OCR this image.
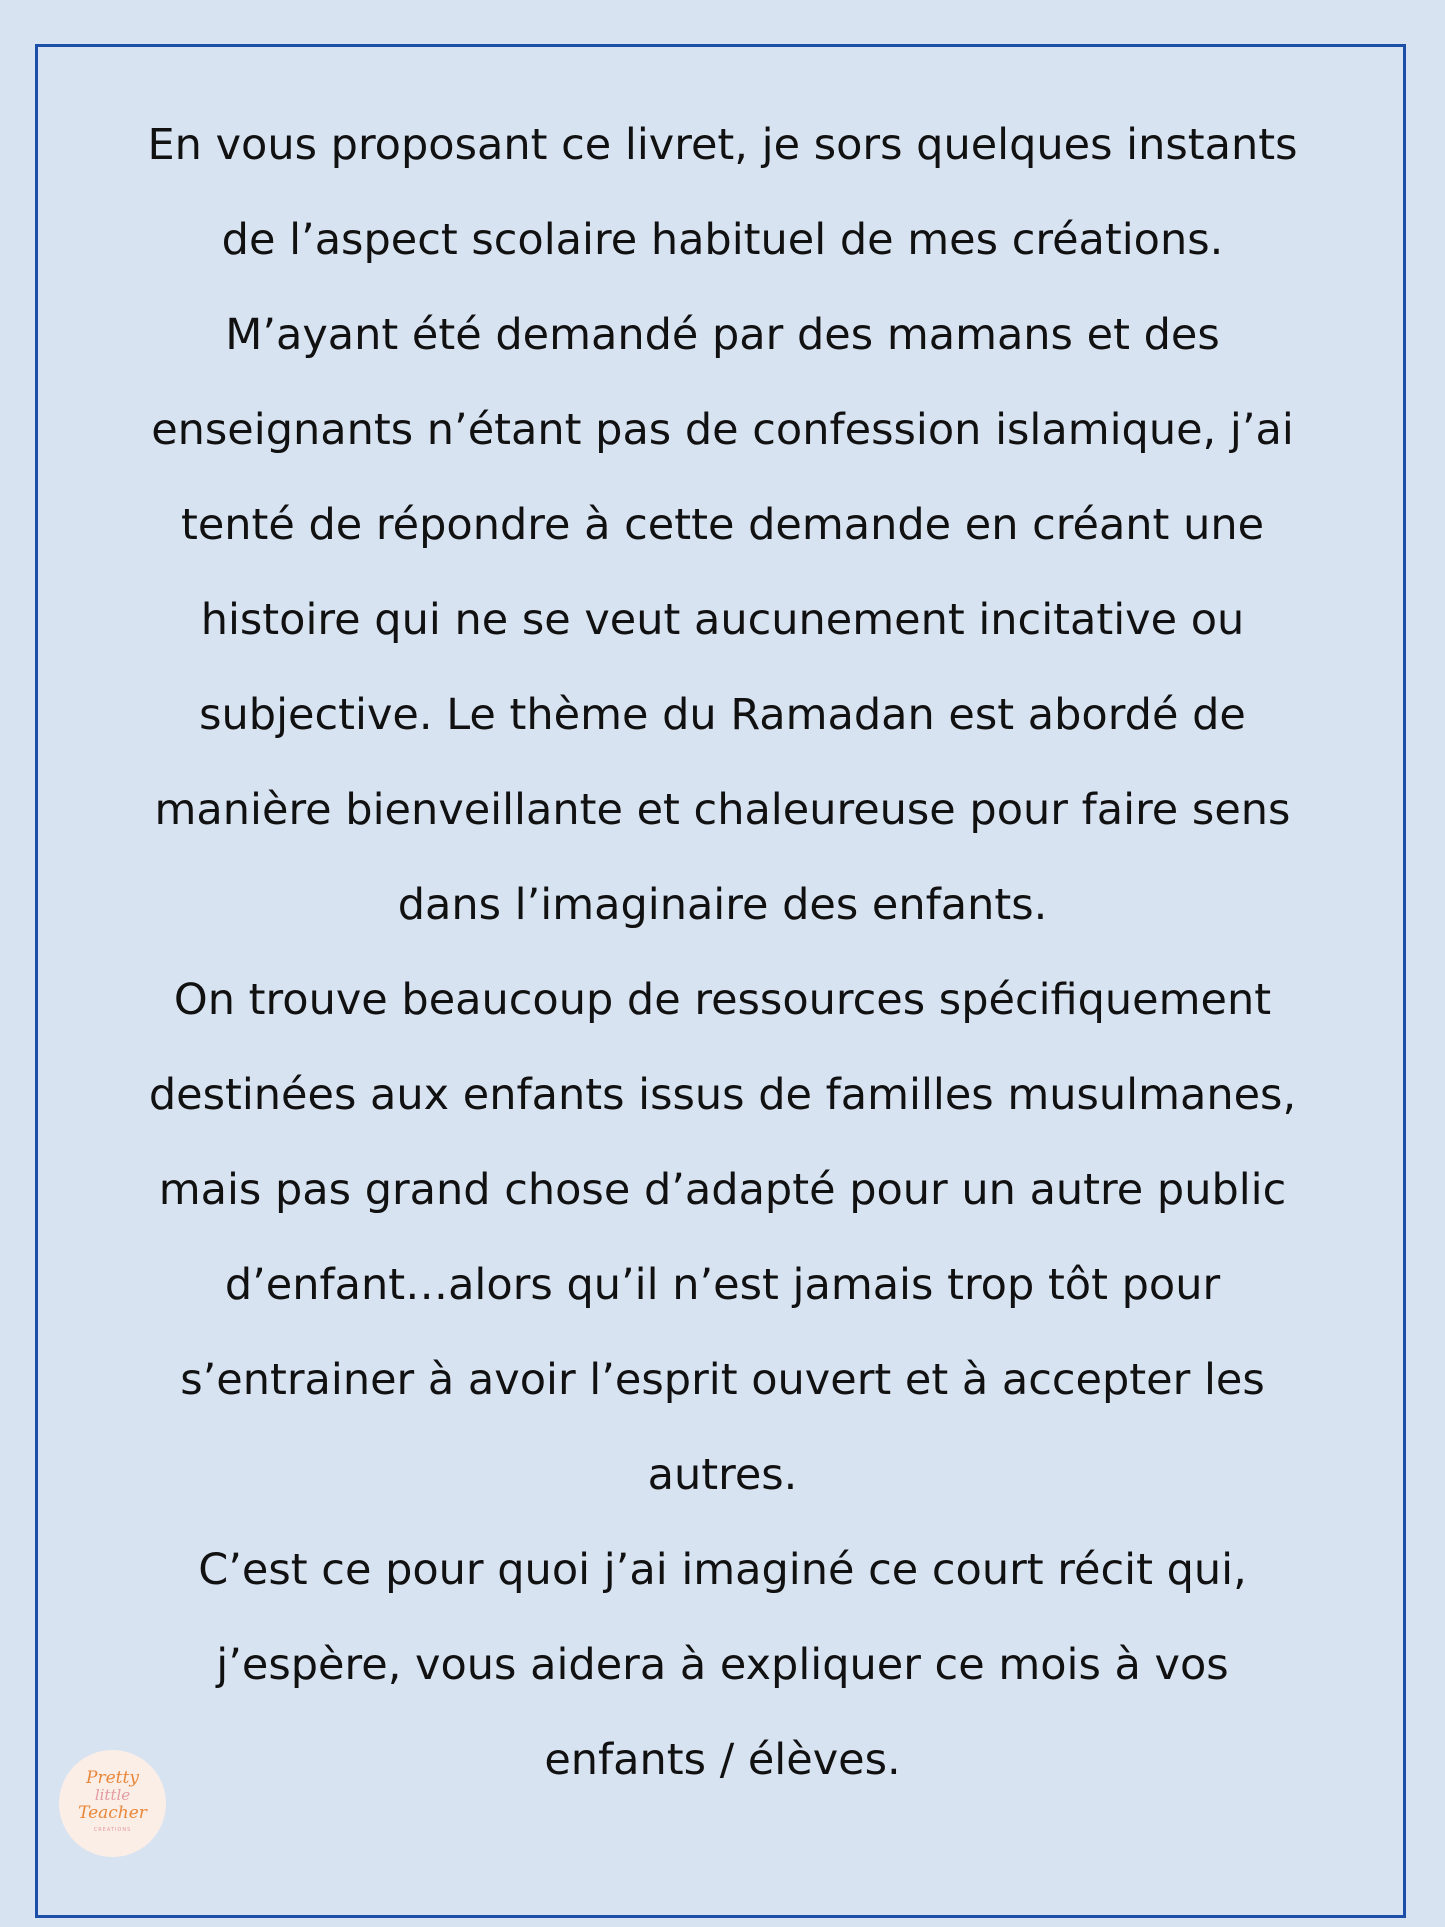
En vous proposant ce livret, je sors quelques instants
de l’aspect scolaire habituel de mes créations.
M’ayant été demandé par des mamans et des
enseignants n’étant pas de confession islamique, j’ai
tenté de répondre à cette demande en créant une
histoire qui ne se veut aucunement incitative ou
subjective. Le thème du Ramadan est abordé de
manière bienveillante et chaleureuse pour faire sens
dans l’imaginaire des enfants.
On trouve beaucoup de ressources spécifiquement
destinées aux enfants issus de familles musulmanes,
mais pas grand chose d’adapté pour un autre public
d’enfant…alors qu’il n’est jamais trop tôt pour
s’entrainer à avoir l’esprit ouvert et à accepter les
autres.
C’est ce pour quoi j’ai imaginé ce court récit qui,
j’espère, vous aidera à expliquer ce mois à vos
enfants / élèves.
Pretty
little
Teacher
CREATIONS
